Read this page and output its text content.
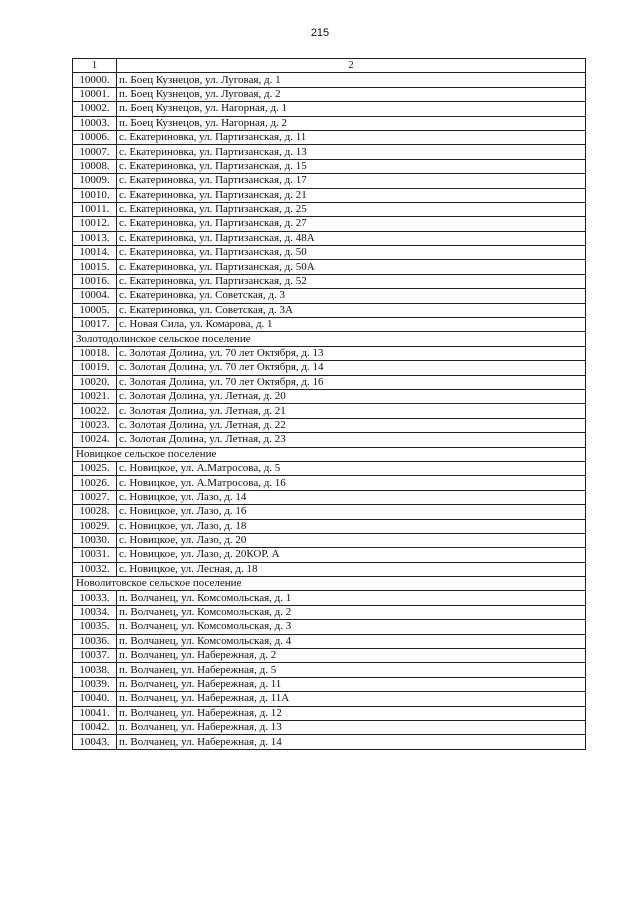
215
1	2
10000.	п. Боец Кузнецов, ул. Луговая, д. 1
10001.	п. Боец Кузнецов, ул. Луговая, д. 2
10002.	п. Боец Кузнецов, ул. Нагорная, д. 1
10003.	п. Боец Кузнецов, ул. Нагорная, д. 2
10006.	с. Екатериновка, ул. Партизанская, д. 11
10007.	с. Екатериновка, ул. Партизанская, д. 13
10008.	с. Екатериновка, ул. Партизанская, д. 15
10009.	с. Екатериновка, ул. Партизанская, д. 17
10010.	с. Екатериновка, ул. Партизанская, д. 21
10011.	с. Екатериновка, ул. Партизанская, д. 25
10012.	с. Екатериновка, ул. Партизанская, д. 27
10013.	с. Екатериновка, ул. Партизанская, д. 48А
10014.	с. Екатериновка, ул. Партизанская, д. 50
10015.	с. Екатериновка, ул. Партизанская, д. 50А
10016.	с. Екатериновка, ул. Партизанская, д. 52
10004.	с. Екатериновка, ул. Советская, д. 3
10005.	с. Екатериновка, ул. Советская, д. 3А
10017.	с. Новая Сила, ул. Комарова, д. 1
Золотодолинское сельское поселение	
10018.	с. Золотая Долина, ул. 70 лет Октября, д. 13
10019.	с. Золотая Долина, ул. 70 лет Октября, д. 14
10020.	с. Золотая Долина, ул. 70 лет Октября, д. 16
10021.	с. Золотая Долина, ул. Летная, д. 20
10022.	с. Золотая Долина, ул. Летная, д. 21
10023.	с. Золотая Долина, ул. Летная, д. 22
10024.	с. Золотая Долина, ул. Летная, д. 23
Новицкое сельское поселение	
10025.	с. Новицкое, ул. А.Матросова, д. 5
10026.	с. Новицкое, ул. А.Матросова, д. 16
10027.	с. Новицкое, ул. Лазо, д. 14
10028.	с. Новицкое, ул. Лазо, д. 16
10029.	с. Новицкое, ул. Лазо, д. 18
10030.	с. Новицкое, ул. Лазо, д. 20
10031.	с. Новицкое, ул. Лазо, д. 20КОР. А
10032.	с. Новицкое, ул. Лесная, д. 18
Новолитовское сельское поселение	
10033.	п. Волчанец, ул. Комсомольская, д. 1
10034.	п. Волчанец, ул. Комсомольская, д. 2
10035.	п. Волчанец, ул. Комсомольская, д. 3
10036.	п. Волчанец, ул. Комсомольская, д. 4
10037.	п. Волчанец, ул. Набережная, д. 2
10038.	п. Волчанец, ул. Набережная, д. 5
10039.	п. Волчанец, ул. Набережная, д. 11
10040.	п. Волчанец, ул. Набережная, д. 11А
10041.	п. Волчанец, ул. Набережная, д. 12
10042.	п. Волчанец, ул. Набережная, д. 13
10043.	п. Волчанец, ул. Набережная, д. 14
